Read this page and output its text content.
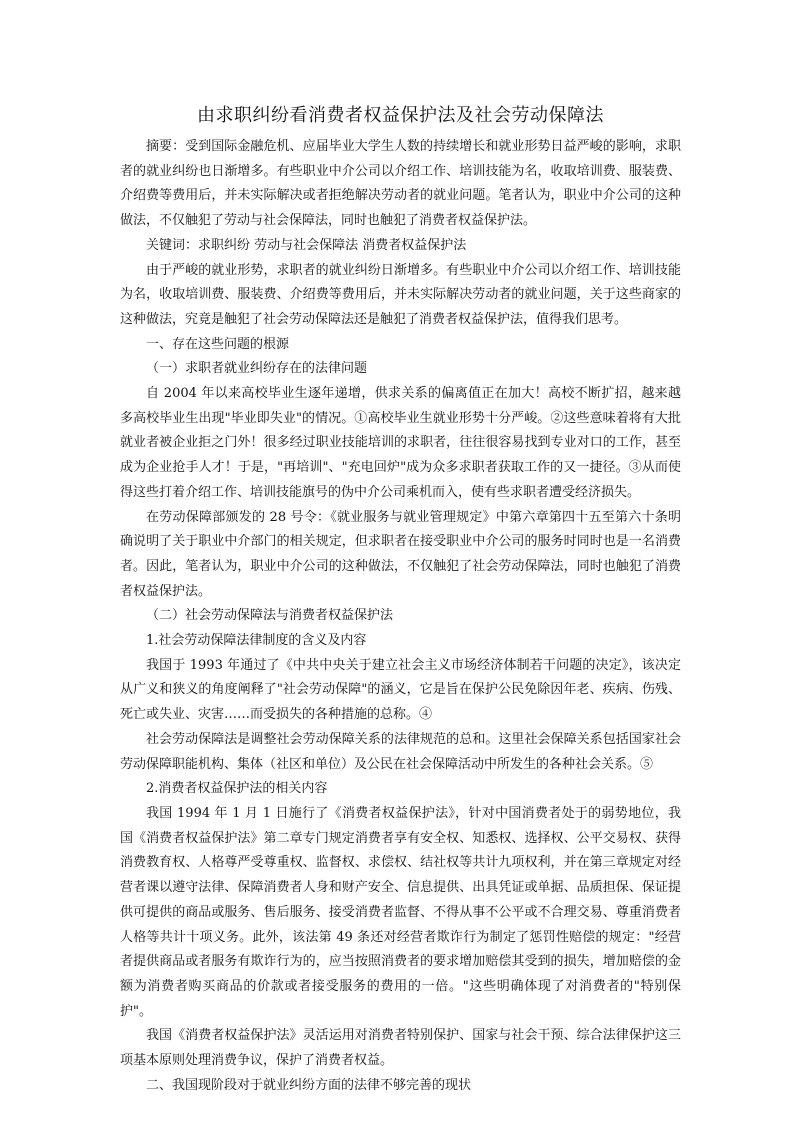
由求职纠纷看消费者权益保护法及社会劳动保障法

摘要：受到国际金融危机、应届毕业大学生人数的持续增长和就业形势日益严峻的影响，求职者的就业纠纷也日渐增多。有些职业中介公司以介绍工作、培训技能为名，收取培训费、服装费、介绍费等费用后，并未实际解决或者拒绝解决劳动者的就业问题。笔者认为，职业中介公司的这种做法，不仅触犯了劳动与社会保障法，同时也触犯了消费者权益保护法。

关键词：求职纠纷 劳动与社会保障法 消费者权益保护法

由于严峻的就业形势，求职者的就业纠纷日渐增多。有些职业中介公司以介绍工作、培训技能为名，收取培训费、服装费、介绍费等费用后，并未实际解决劳动者的就业问题，关于这些商家的这种做法，究竟是触犯了社会劳动保障法还是触犯了消费者权益保护法，值得我们思考。

一、存在这些问题的根源

（一）求职者就业纠纷存在的法律问题

自 2004 年以来高校毕业生逐年递增，供求关系的偏离值正在加大！高校不断扩招，越来越多高校毕业生出现"毕业即失业"的情况。①高校毕业生就业形势十分严峻。②这些意味着将有大批就业者被企业拒之门外！很多经过职业技能培训的求职者，往往很容易找到专业对口的工作，甚至成为企业抢手人才！于是，"再培训"、"充电回炉"成为众多求职者获取工作的又一捷径。③从而使得这些打着介绍工作、培训技能旗号的伪中介公司乘机而入，使有些求职者遭受经济损失。

在劳动保障部颁发的 28 号令：《就业服务与就业管理规定》中第六章第四十五至第六十条明确说明了关于职业中介部门的相关规定，但求职者在接受职业中介公司的服务时同时也是一名消费者。因此，笔者认为，职业中介公司的这种做法，不仅触犯了社会劳动保障法，同时也触犯了消费者权益保护法。

（二）社会劳动保障法与消费者权益保护法

1.社会劳动保障法律制度的含义及内容

我国于 1993 年通过了《中共中央关于建立社会主义市场经济体制若干问题的决定》，该决定从广义和狭义的角度阐释了"社会劳动保障"的涵义，它是旨在保护公民免除因年老、疾病、伤残、死亡或失业、灾害……而受损失的各种措施的总称。④

社会劳动保障法是调整社会劳动保障关系的法律规范的总和。这里社会保障关系包括国家社会劳动保障职能机构、集体（社区和单位）及公民在社会保障活动中所发生的各种社会关系。⑤

2.消费者权益保护法的相关内容

我国 1994 年 1 月 1 日施行了《消费者权益保护法》，针对中国消费者处于的弱势地位，我国《消费者权益保护法》第二章专门规定消费者享有安全权、知悉权、选择权、公平交易权、获得消费教育权、人格尊严受尊重权、监督权、求偿权、结社权等共计九项权利，并在第三章规定对经营者课以遵守法律、保障消费者人身和财产安全、信息提供、出具凭证或单据、品质担保、保证提供可提供的商品或服务、售后服务、接受消费者监督、不得从事不公平或不合理交易、尊重消费者人格等共计十项义务。此外，该法第 49 条还对经营者欺诈行为制定了惩罚性赔偿的规定："经营者提供商品或者服务有欺诈行为的，应当按照消费者的要求增加赔偿其受到的损失，增加赔偿的金额为消费者购买商品的价款或者接受服务的费用的一倍。"这些明确体现了对消费者的"特别保护"。

我国《消费者权益保护法》灵活运用对消费者特别保护、国家与社会干预、综合法律保护这三项基本原则处理消费争议，保护了消费者权益。

二、我国现阶段对于就业纠纷方面的法律不够完善的现状
